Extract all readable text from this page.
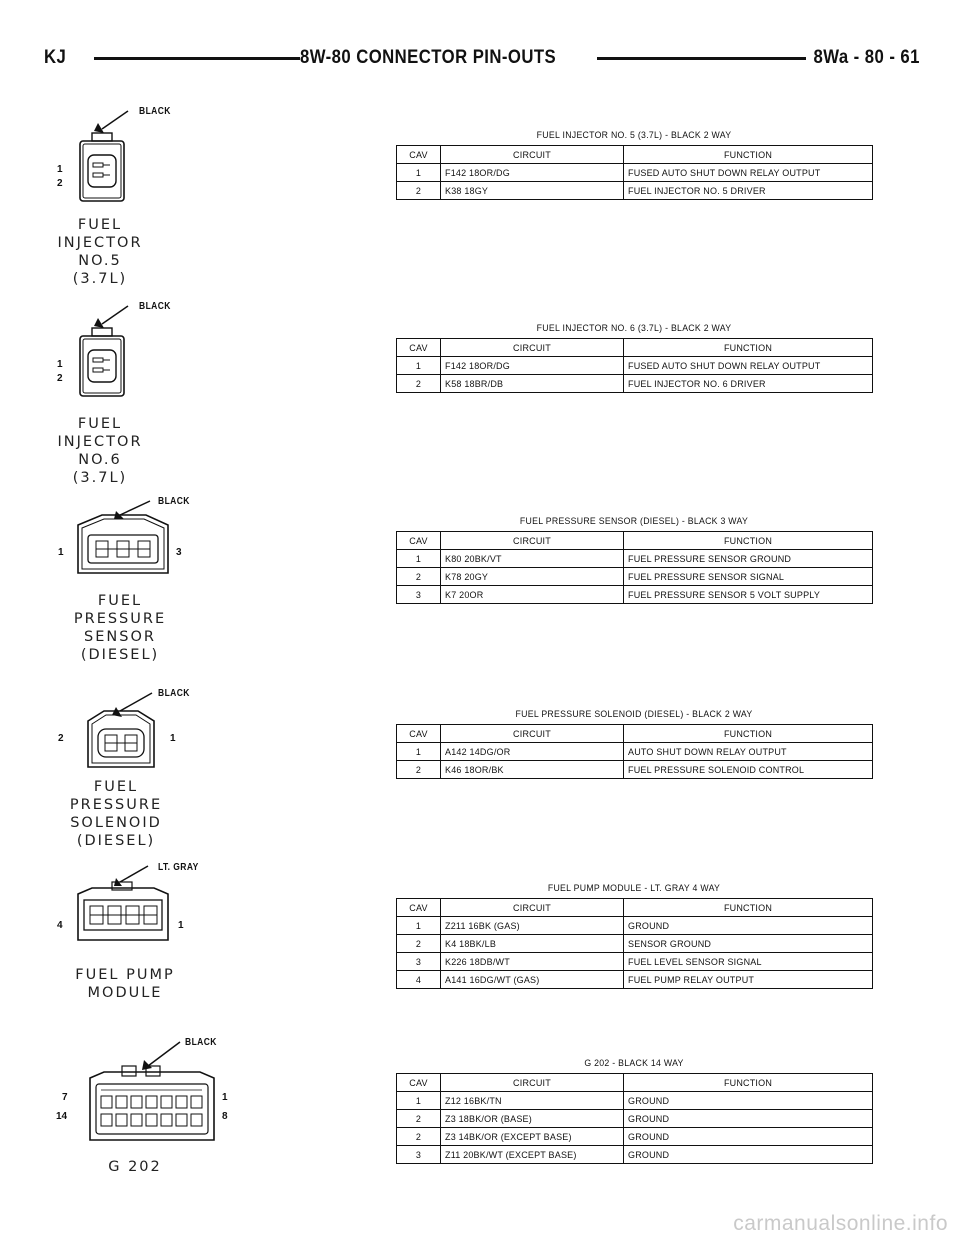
KJ	8W-80 CONNECTOR PIN-OUTS	8Wa - 80 - 61
BLACK
1
2
FUEL
INJECTOR
NO.5
(3.7L)
FUEL INJECTOR NO. 5 (3.7L) - BLACK 2 WAY
CAV	CIRCUIT	FUNCTION
1	F142 18OR/DG	FUSED AUTO SHUT DOWN RELAY OUTPUT
2	K38 18GY	FUEL INJECTOR NO. 5 DRIVER
BLACK
1
2
FUEL
INJECTOR
NO.6
(3.7L)
FUEL INJECTOR NO. 6 (3.7L) - BLACK 2 WAY
CAV	CIRCUIT	FUNCTION
1	F142 18OR/DG	FUSED AUTO SHUT DOWN RELAY OUTPUT
2	K58 18BR/DB	FUEL INJECTOR NO. 6 DRIVER
BLACK
1	3
FUEL
PRESSURE
SENSOR
(DIESEL)
FUEL PRESSURE SENSOR (DIESEL) - BLACK 3 WAY
CAV	CIRCUIT	FUNCTION
1	K80 20BK/VT	FUEL PRESSURE SENSOR GROUND
2	K78 20GY	FUEL PRESSURE SENSOR SIGNAL
3	K7 20OR	FUEL PRESSURE SENSOR 5 VOLT SUPPLY
BLACK
2	1
FUEL
PRESSURE
SOLENOID
(DIESEL)
FUEL PRESSURE SOLENOID (DIESEL) - BLACK 2 WAY
CAV	CIRCUIT	FUNCTION
1	A142 14DG/OR	AUTO SHUT DOWN RELAY OUTPUT
2	K46 18OR/BK	FUEL PRESSURE SOLENOID CONTROL
LT. GRAY
4	1
FUEL PUMP
MODULE
FUEL PUMP MODULE - LT. GRAY 4 WAY
CAV	CIRCUIT	FUNCTION
1	Z211 16BK (GAS)	GROUND
2	K4 18BK/LB	SENSOR GROUND
3	K226 18DB/WT	FUEL LEVEL SENSOR SIGNAL
4	A141 16DG/WT (GAS)	FUEL PUMP RELAY OUTPUT
BLACK
7
14
1
8
G 202
G 202 - BLACK 14 WAY
CAV	CIRCUIT	FUNCTION
1	Z12 16BK/TN	GROUND
2	Z3 18BK/OR (BASE)	GROUND
2	Z3 14BK/OR (EXCEPT BASE)	GROUND
3	Z11 20BK/WT (EXCEPT BASE)	GROUND
carmanualsonline.info
